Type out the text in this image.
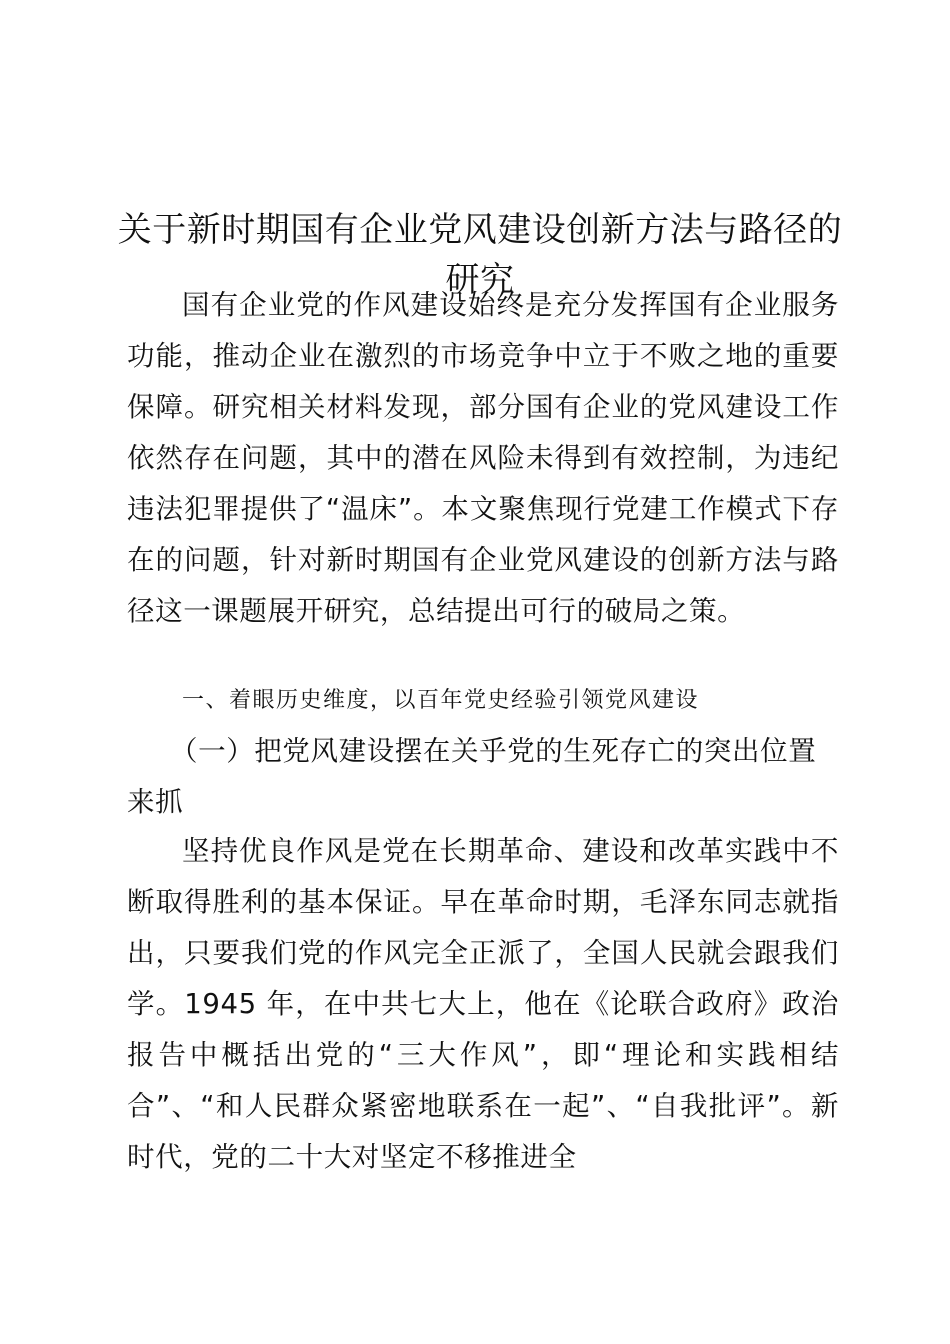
关于新时期国有企业党风建设创新方法与路径的研究

国有企业党的作风建设始终是充分发挥国有企业服务功能，推动企业在激烈的市场竞争中立于不败之地的重要保障。研究相关材料发现，部分国有企业的党风建设工作依然存在问题，其中的潜在风险未得到有效控制，为违纪违法犯罪提供了“温床”。本文聚焦现行党建工作模式下存在的问题，针对新时期国有企业党风建设的创新方法与路径这一课题展开研究，总结提出可行的破局之策。

一、着眼历史维度，以百年党史经验引领党风建设

（一）把党风建设摆在关乎党的生死存亡的突出位置来抓

坚持优良作风是党在长期革命、建设和改革实践中不断取得胜利的基本保证。早在革命时期，毛泽东同志就指出，只要我们党的作风完全正派了，全国人民就会跟我们学。1945 年，在中共七大上，他在《论联合政府》政治报告中概括出党的“三大作风”，即“理论和实践相结合”、“和人民群众紧密地联系在一起”、“自我批评”。新时代，党的二十大对坚定不移推进全
